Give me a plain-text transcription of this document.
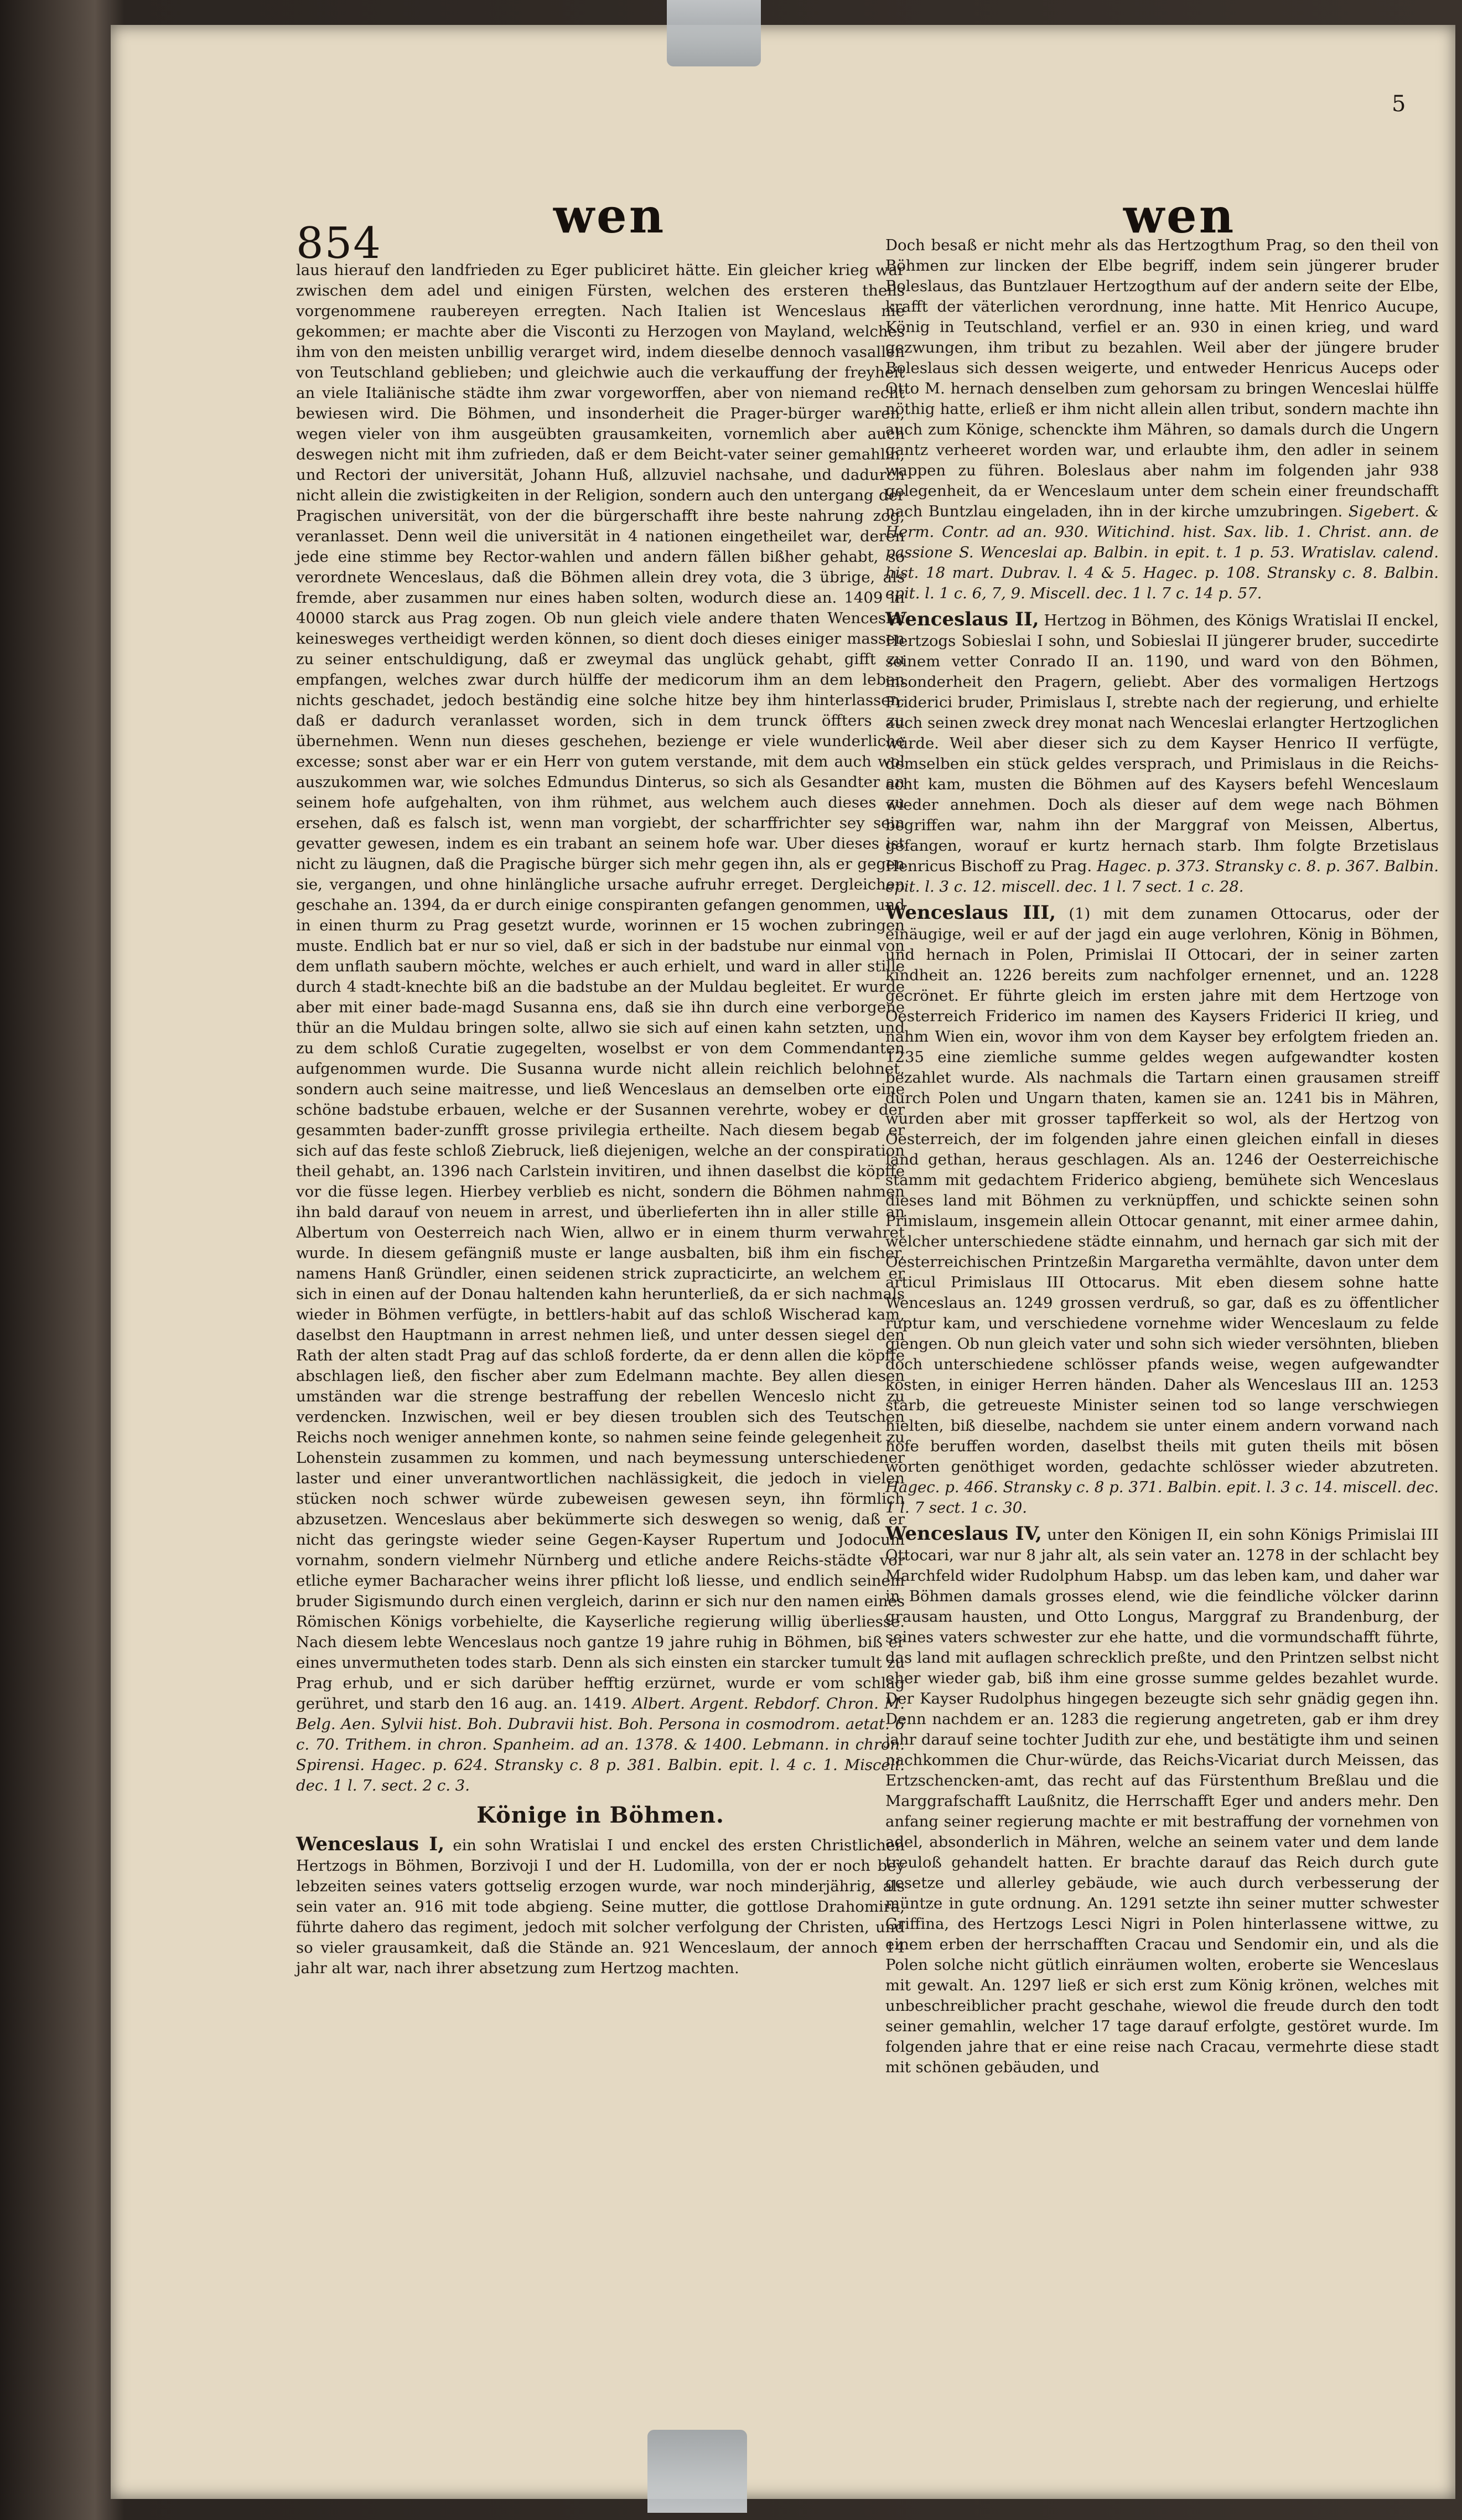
854	wen	wen
5

laus hierauf den landfrieden zu Eger publiciret hätte. Ein gleicher krieg war zwischen dem adel und einigen Fürsten, welchen des ersteren theils vorgenommene raubereyen erregten. Nach Italien ist Wenceslaus nie gekommen; er machte aber die Visconti zu Herzogen von Mayland, welches ihm von den meisten unbillig verarget wird, indem dieselbe dennoch vasallen von Teutschland geblieben; und gleichwie auch die verkauffung der freyheit an viele Italiänische städte ihm zwar vorgeworffen, aber von niemand recht bewiesen wird. Die Böhmen, und insonderheit die Prager-bürger waren, wegen vieler von ihm ausgeübten grausamkeiten, vornemlich aber auch deswegen nicht mit ihm zufrieden, daß er dem Beicht-vater seiner gemahlin, und Rectori der universität, Johann Huß, allzuviel nachsahe, und dadurch nicht allein die zwistigkeiten in der Religion, sondern auch den untergang der Pragischen universität, von der die bürgerschafft ihre beste nahrung zog, veranlasset. Denn weil die universität in 4 nationen eingetheilet war, deren jede eine stimme bey Rector-wahlen und andern fällen bißher gehabt, so verordnete Wenceslaus, daß die Böhmen allein drey vota, die 3 übrige, als fremde, aber zusammen nur eines haben solten, wodurch diese an. 1409 in 40000 starck aus Prag zogen. Ob nun gleich viele andere thaten Wenceslai keinesweges vertheidigt werden können, so dient doch dieses einiger massen zu seiner entschuldigung, daß er zweymal das unglück gehabt, gifft zu empfangen, welches zwar durch hülffe der medicorum ihm an dem leben nichts geschadet, jedoch beständig eine solche hitze bey ihm hinterlassen, daß er dadurch veranlasset worden, sich in dem trunck öffters zu übernehmen. Wenn nun dieses geschehen, bezienge er viele wunderliche excesse; sonst aber war er ein Herr von gutem verstande, mit dem auch wol auszukommen war, wie solches Edmundus Dinterus, so sich als Gesandter an seinem hofe aufgehalten, von ihm rühmet, aus welchem auch dieses zu ersehen, daß es falsch ist, wenn man vorgiebt, der scharffrichter sey sein gevatter gewesen, indem es ein trabant an seinem hofe war. Uber dieses ist nicht zu läugnen, daß die Pragische bürger sich mehr gegen ihn, als er gegen sie, vergangen, und ohne hinlängliche ursache aufruhr erreget. Dergleichen geschahe an. 1394, da er durch einige conspiranten gefangen genommen, und in einen thurm zu Prag gesetzt wurde, worinnen er 15 wochen zubringen muste. Endlich bat er nur so viel, daß er sich in der badstube nur einmal von dem unflath saubern möchte, welches er auch erhielt, und ward in aller stille durch 4 stadt-knechte biß an die badstube an der Muldau begleitet. Er wurde aber mit einer bade-magd Susanna ens, daß sie ihn durch eine verborgene thür an die Muldau bringen solte, allwo sie sich auf einen kahn setzten, und zu dem schloß Curatie zugegelten, woselbst er von dem Commendanten aufgenommen wurde. Die Susanna wurde nicht allein reichlich belohnet, sondern auch seine maitresse, und ließ Wenceslaus an demselben orte eine schöne badstube erbauen, welche er der Susannen verehrte, wobey er der gesammten bader-zunfft grosse privilegia ertheilte. Nach diesem begab er sich auf das feste schloß Ziebruck, ließ diejenigen, welche an der conspiration theil gehabt, an. 1396 nach Carlstein invitiren, und ihnen daselbst die köpffe vor die füsse legen. Hierbey verblieb es nicht, sondern die Böhmen nahmen ihn bald darauf von neuem in arrest, und überlieferten ihn in aller stille an Albertum von Oesterreich nach Wien, allwo er in einem thurm verwahret wurde. In diesem gefängniß muste er lange ausbalten, biß ihm ein fischer, namens Hanß Gründler, einen seidenen strick zupracticirte, an welchem er sich in einen auf der Donau haltenden kahn herunterließ, da er sich nachmals wieder in Böhmen verfügte, in bettlers-habit auf das schloß Wischerad kam, daselbst den Hauptmann in arrest nehmen ließ, und unter dessen siegel den Rath der alten stadt Prag auf das schloß forderte, da er denn allen die köpffe abschlagen ließ, den fischer aber zum Edelmann machte. Bey allen diesen umständen war die strenge bestraffung der rebellen Wenceslo nicht zu verdencken. Inzwischen, weil er bey diesen troublen sich des Teutschen Reichs noch weniger annehmen konte, so nahmen seine feinde gelegenheit zu Lohenstein zusammen zu kommen, und nach beymessung unterschiedener laster und einer unverantwortlichen nachlässigkeit, die jedoch in vielen stücken noch schwer würde zubeweisen gewesen seyn, ihn förmlich abzusetzen. Wenceslaus aber bekümmerte sich deswegen so wenig, daß er nicht das geringste wieder seine Gegen-Kayser Rupertum und Jodocum vornahm, sondern vielmehr Nürnberg und etliche andere Reichs-städte vor etliche eymer Bacharacher weins ihrer pflicht loß liesse, und endlich seinem bruder Sigismundo durch einen vergleich, darinn er sich nur den namen eines Römischen Königs vorbehielte, die Kayserliche regierung willig überliesse. Nach diesem lebte Wenceslaus noch gantze 19 jahre ruhig in Böhmen, biß er eines unvermutheten todes starb. Denn als sich einsten ein starcker tumult zu Prag erhub, und er sich darüber hefftig erzürnet, wurde er vom schlag gerühret, und starb den 16 aug. an. 1419. Albert. Argent. Rebdorf. Chron. M. Belg. Aen. Sylvii hist. Boh. Dubravii hist. Boh. Persona in cosmodrom. aetat. 6 c. 70. Trithem. in chron. Spanheim. ad an. 1378. & 1400. Lebmann. in chron. Spirensi. Hagec. p. 624. Stransky c. 8 p. 381. Balbin. epit. l. 4 c. 1. Miscell. dec. 1 l. 7. sect. 2 c. 3.

Könige in Böhmen.

Wenceslaus I, ein sohn Wratislai I und enckel des ersten Christlichen Hertzogs in Böhmen, Borzivoji I und der H. Ludomilla, von der er noch bey lebzeiten seines vaters gottselig erzogen wurde, war noch minderjährig, als sein vater an. 916 mit tode abgieng. Seine mutter, die gottlose Drahomira, führte dahero das regiment, jedoch mit solcher verfolgung der Christen, und so vieler grausamkeit, daß die Stände an. 921 Wenceslaum, der annoch 14 jahr alt war, nach ihrer absetzung zum Hertzog machten.

Doch besaß er nicht mehr als das Hertzogthum Prag, so den theil von Böhmen zur lincken der Elbe begriff, indem sein jüngerer bruder Boleslaus, das Buntzlauer Hertzogthum auf der andern seite der Elbe, krafft der väterlichen verordnung, inne hatte. Mit Henrico Aucupe, König in Teutschland, verfiel er an. 930 in einen krieg, und ward gezwungen, ihm tribut zu bezahlen. Weil aber der jüngere bruder Boleslaus sich dessen weigerte, und entweder Henricus Auceps oder Otto M. hernach denselben zum gehorsam zu bringen Wenceslai hülffe nöthig hatte, erließ er ihm nicht allein allen tribut, sondern machte ihn auch zum Könige, schenckte ihm Mähren, so damals durch die Ungern gantz verheeret worden war, und erlaubte ihm, den adler in seinem wappen zu führen. Boleslaus aber nahm im folgenden jahr 938 gelegenheit, da er Wenceslaum unter dem schein einer freundschafft nach Buntzlau eingeladen, ihn in der kirche umzubringen. Sigebert. & Herm. Contr. ad an. 930. Witichind. hist. Sax. lib. 1. Christ. ann. de passione S. Wenceslai ap. Balbin. in epit. t. 1 p. 53. Wratislav. calend. hist. 18 mart. Dubrav. l. 4 & 5. Hagec. p. 108. Stransky c. 8. Balbin. epit. l. 1 c. 6, 7, 9. Miscell. dec. 1 l. 7 c. 14 p. 57.

Wenceslaus II, Hertzog in Böhmen, des Königs Wratislai II enckel, Hertzogs Sobieslai I sohn, und Sobieslai II jüngerer bruder, succedirte seinem vetter Conrado II an. 1190, und ward von den Böhmen, insonderheit den Pragern, geliebt. Aber des vormaligen Hertzogs Friderici bruder, Primislaus I, strebte nach der regierung, und erhielte auch seinen zweck drey monat nach Wenceslai erlangter Hertzoglichen würde. Weil aber dieser sich zu dem Kayser Henrico II verfügte, demselben ein stück geldes versprach, und Primislaus in die Reichs-acht kam, musten die Böhmen auf des Kaysers befehl Wenceslaum wieder annehmen. Doch als dieser auf dem wege nach Böhmen begriffen war, nahm ihn der Marggraf von Meissen, Albertus, gefangen, worauf er kurtz hernach starb. Ihm folgte Brzetislaus Henricus Bischoff zu Prag. Hagec. p. 373. Stransky c. 8. p. 367. Balbin. epit. l. 3 c. 12. miscell. dec. 1 l. 7 sect. 1 c. 28.

Wenceslaus III, (1) mit dem zunamen Ottocarus, oder der einäugige, weil er auf der jagd ein auge verlohren, König in Böhmen, und hernach in Polen, Primislai II Ottocari, der in seiner zarten kindheit an. 1226 bereits zum nachfolger ernennet, und an. 1228 gecrönet. Er führte gleich im ersten jahre mit dem Hertzoge von Oesterreich Friderico im namen des Kaysers Friderici II krieg, und nahm Wien ein, wovor ihm von dem Kayser bey erfolgtem frieden an. 1235 eine ziemliche summe geldes wegen aufgewandter kosten bezahlet wurde. Als nachmals die Tartarn einen grausamen streiff durch Polen und Ungarn thaten, kamen sie an. 1241 bis in Mähren, wurden aber mit grosser tapfferkeit so wol, als der Hertzog von Oesterreich, der im folgenden jahre einen gleichen einfall in dieses land gethan, heraus geschlagen. Als an. 1246 der Oesterreichische stamm mit gedachtem Friderico abgieng, bemühete sich Wenceslaus dieses land mit Böhmen zu verknüpffen, und schickte seinen sohn Primislaum, insgemein allein Ottocar genannt, mit einer armee dahin, welcher unterschiedene städte einnahm, und hernach gar sich mit der Oesterreichischen Printzeßin Margaretha vermählte, davon unter dem articul Primislaus III Ottocarus. Mit eben diesem sohne hatte Wenceslaus an. 1249 grossen verdruß, so gar, daß es zu öffentlicher ruptur kam, und verschiedene vornehme wider Wenceslaum zu felde giengen. Ob nun gleich vater und sohn sich wieder versöhnten, blieben doch unterschiedene schlösser pfands weise, wegen aufgewandter kosten, in einiger Herren händen. Daher als Wenceslaus III an. 1253 starb, die getreueste Minister seinen tod so lange verschwiegen hielten, biß dieselbe, nachdem sie unter einem andern vorwand nach hofe beruffen worden, daselbst theils mit guten theils mit bösen worten genöthiget worden, gedachte schlösser wieder abzutreten. Hagec. p. 466. Stransky c. 8 p. 371. Balbin. epit. l. 3 c. 14. miscell. dec. 1 l. 7 sect. 1 c. 30.

Wenceslaus IV, unter den Königen II, ein sohn Königs Primislai III Ottocari, war nur 8 jahr alt, als sein vater an. 1278 in der schlacht bey Marchfeld wider Rudolphum Habsp. um das leben kam, und daher war in Böhmen damals grosses elend, wie die feindliche völcker darinn grausam hausten, und Otto Longus, Marggraf zu Brandenburg, der seines vaters schwester zur ehe hatte, und die vormundschafft führte, das land mit auflagen schrecklich preßte, und den Printzen selbst nicht eher wieder gab, biß ihm eine grosse summe geldes bezahlet wurde. Der Kayser Rudolphus hingegen bezeugte sich sehr gnädig gegen ihn. Denn nachdem er an. 1283 die regierung angetreten, gab er ihm drey jahr darauf seine tochter Judith zur ehe, und bestätigte ihm und seinen nachkommen die Chur-würde, das Reichs-Vicariat durch Meissen, das Ertzschencken-amt, das recht auf das Fürstenthum Breßlau und die Marggrafschafft Laußnitz, die Herrschafft Eger und anders mehr. Den anfang seiner regierung machte er mit bestraffung der vornehmen von adel, absonderlich in Mähren, welche an seinem vater und dem lande treuloß gehandelt hatten. Er brachte darauf das Reich durch gute gesetze und allerley gebäude, wie auch durch verbesserung der müntze in gute ordnung. An. 1291 setzte ihn seiner mutter schwester Griffina, des Hertzogs Lesci Nigri in Polen hinterlassene wittwe, zu einem erben der herrschafften Cracau und Sendomir ein, und als die Polen solche nicht gütlich einräumen wolten, eroberte sie Wenceslaus mit gewalt. An. 1297 ließ er sich erst zum König krönen, welches mit unbeschreiblicher pracht geschahe, wiewol die freude durch den todt seiner gemahlin, welcher 17 tage darauf erfolgte, gestöret wurde. Im folgenden jahre that er eine reise nach Cracau, vermehrte diese stadt mit schönen gebäuden, und
